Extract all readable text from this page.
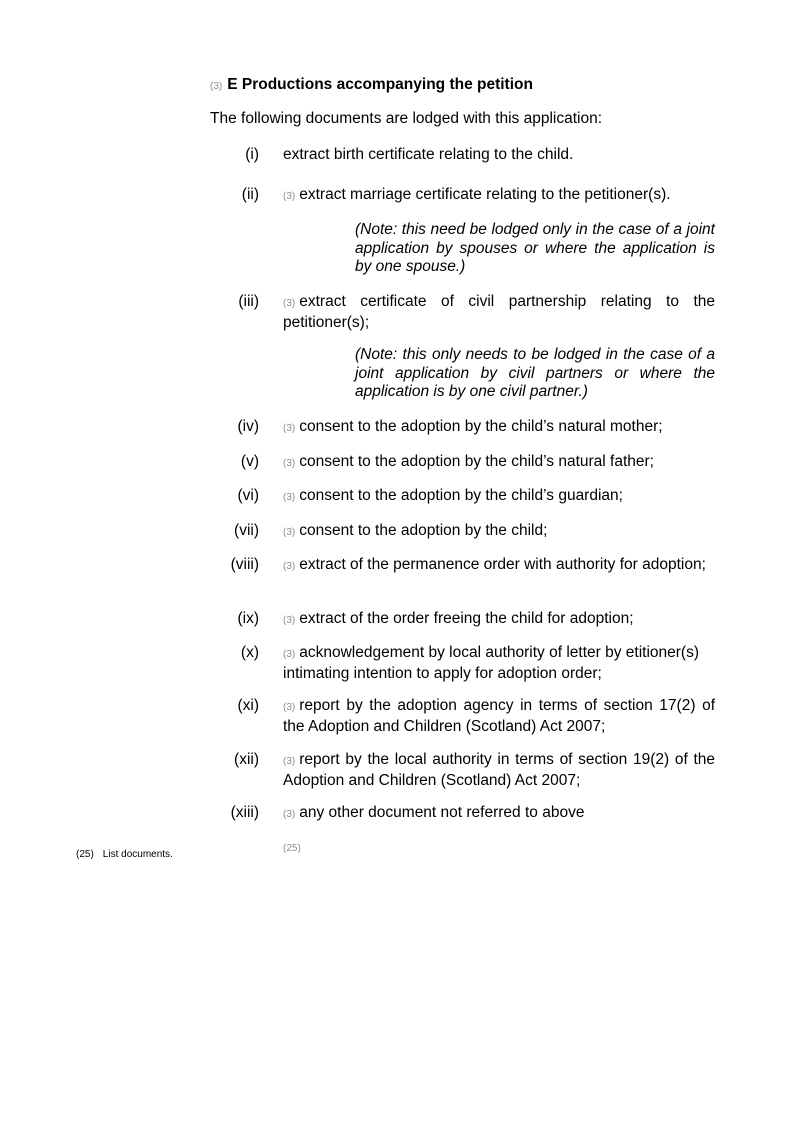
(3) E Productions accompanying the petition
The following documents are lodged with this application:
(i) extract birth certificate relating to the child.
(ii) (3) extract marriage certificate relating to the petitioner(s).
(Note: this need be lodged only in the case of a joint application by spouses or where the application is by one spouse.)
(iii) (3) extract certificate of civil partnership relating to the petitioner(s);
(Note: this only needs to be lodged in the case of a joint application by civil partners or where the application is by one civil partner.)
(iv) (3) consent to the adoption by the child’s natural mother;
(v) (3) consent to the adoption by the child’s natural father;
(vi) (3) consent to the adoption by the child’s guardian;
(vii) (3) consent to the adoption by the child;
(viii) (3) extract of the permanence order with authority for adoption;
(ix) (3) extract of the order freeing the child for adoption;
(x) (3) acknowledgement by local authority of letter by etitioner(s) intimating intention to apply for adoption order;
(xi) (3) report by the adoption agency in terms of section 17(2) of the Adoption and Children (Scotland) Act 2007;
(xii) (3) report by the local authority in terms of section 19(2) of the Adoption and Children (Scotland) Act 2007;
(xiii) (3) any other document not referred to above
(25)
(25) List documents.
